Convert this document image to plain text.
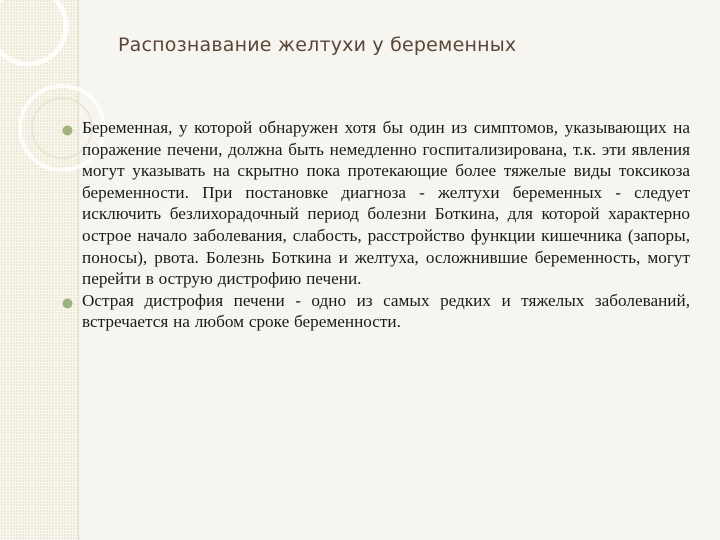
Распознавание желтухи у беременных

Беременная, у которой обнаружен хотя бы один из симптомов, указывающих на поражение печени, должна быть немедленно госпитализирована, т.к. эти явления могут указывать на скрытно пока протекающие более тяжелые виды токсикоза беременности. При постановке диагноза - желтухи беременных - следует исключить безлихорадочный период болезни Боткина, для которой характерно острое начало заболевания, слабость, расстройство функции кишечника (запоры, поносы), рвота. Болезнь Боткина и желтуха, осложнившие беременность, могут перейти в острую дистрофию печени.

Острая дистрофия печени - одно из самых редких и тяжелых заболеваний, встречается на любом сроке беременности.
